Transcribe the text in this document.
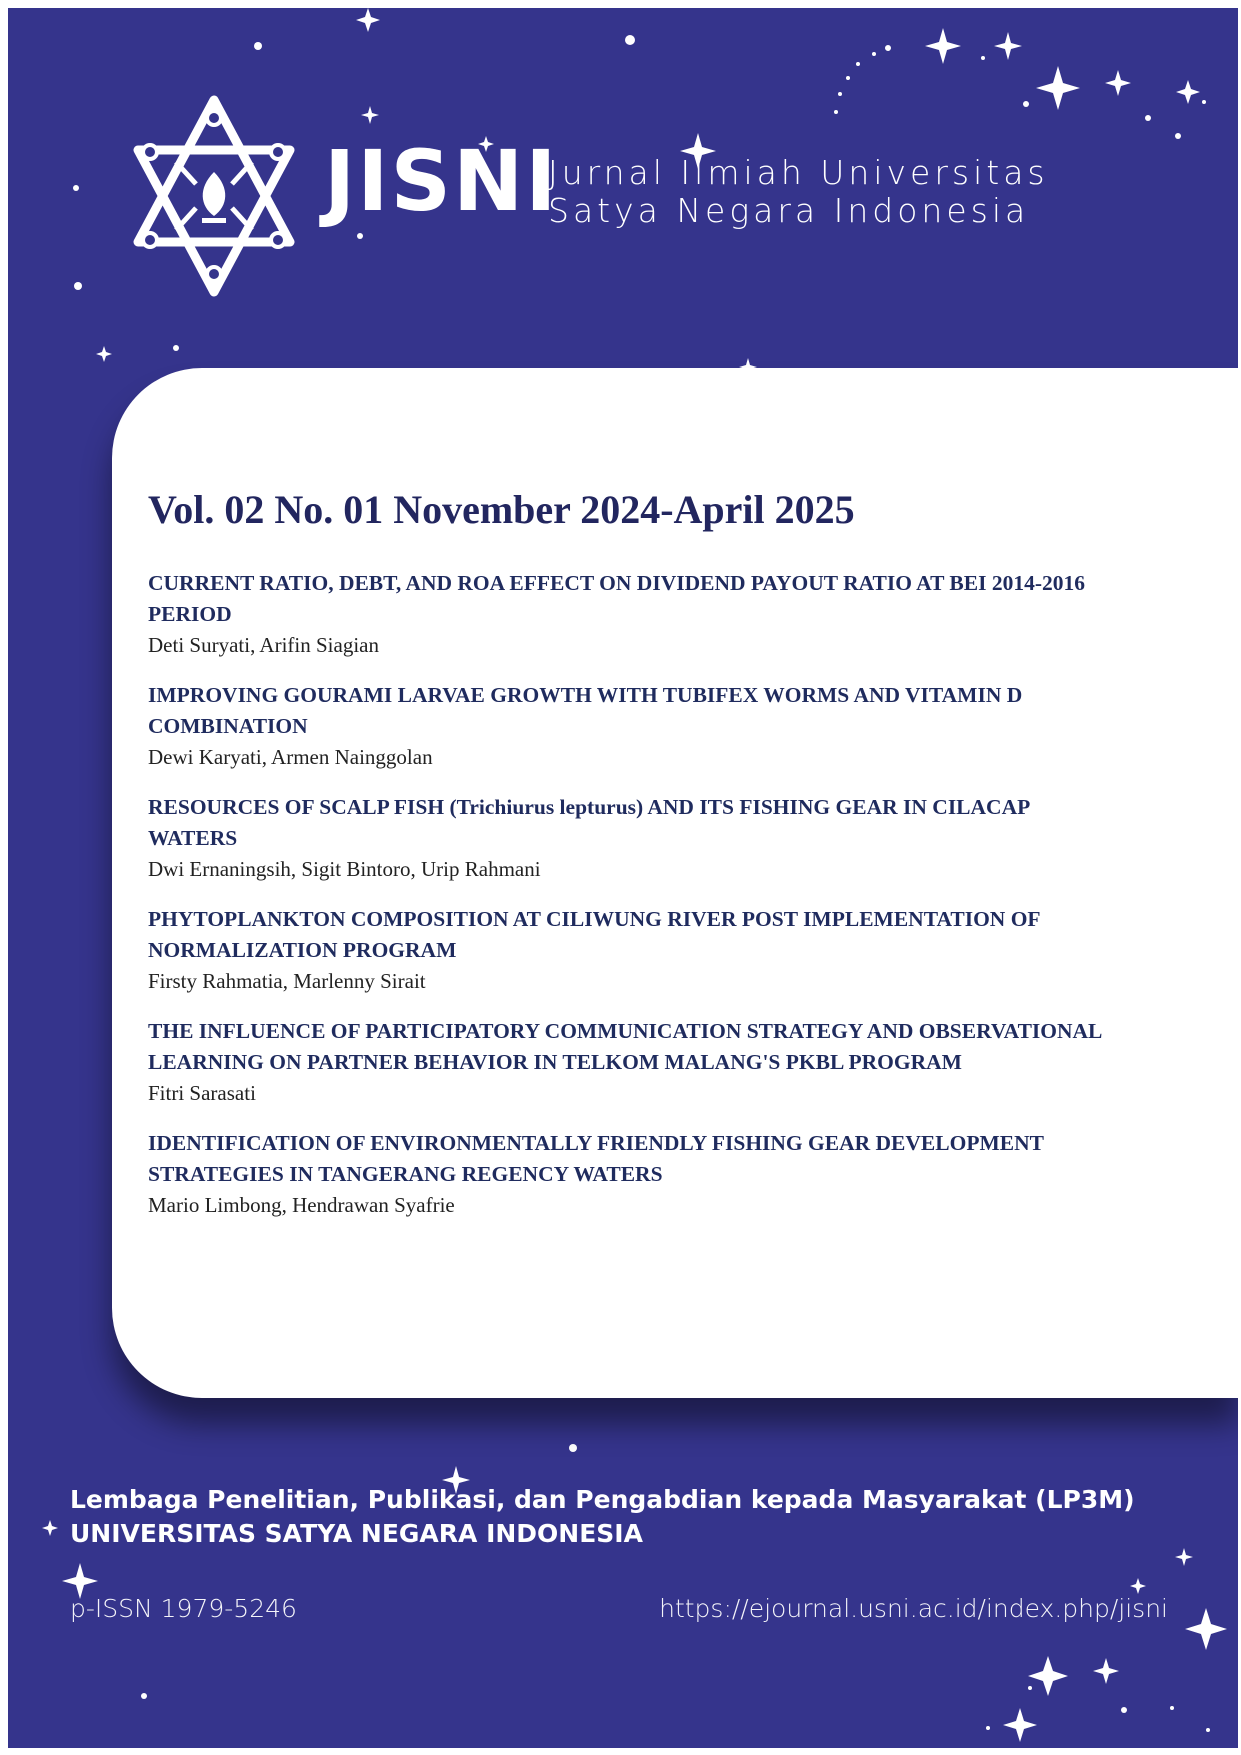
JISNI
Jurnal Ilmiah Universitas
Satya Negara Indonesia
Vol. 02 No. 01 November 2024-April 2025
CURRENT RATIO, DEBT, AND ROA EFFECT ON DIVIDEND PAYOUT RATIO AT BEI 2014-2016 PERIOD
Deti Suryati, Arifin Siagian
IMPROVING GOURAMI LARVAE GROWTH WITH TUBIFEX WORMS AND VITAMIN D COMBINATION
Dewi Karyati, Armen Nainggolan
RESOURCES OF SCALP FISH (Trichiurus lepturus) AND ITS FISHING GEAR IN CILACAP WATERS
Dwi Ernaningsih, Sigit Bintoro, Urip Rahmani
PHYTOPLANKTON COMPOSITION AT CILIWUNG RIVER POST IMPLEMENTATION OF NORMALIZATION PROGRAM
Firsty Rahmatia, Marlenny Sirait
THE INFLUENCE OF PARTICIPATORY COMMUNICATION STRATEGY AND OBSERVATIONAL LEARNING ON PARTNER BEHAVIOR IN TELKOM MALANG'S PKBL PROGRAM
Fitri Sarasati
IDENTIFICATION OF ENVIRONMENTALLY FRIENDLY FISHING GEAR DEVELOPMENT STRATEGIES IN TANGERANG REGENCY WATERS
Mario Limbong, Hendrawan Syafrie
Lembaga Penelitian, Publikasi, dan Pengabdian kepada Masyarakat (LP3M)
UNIVERSITAS SATYA NEGARA INDONESIA
p-ISSN 1979-5246	https://ejournal.usni.ac.id/index.php/jisni
